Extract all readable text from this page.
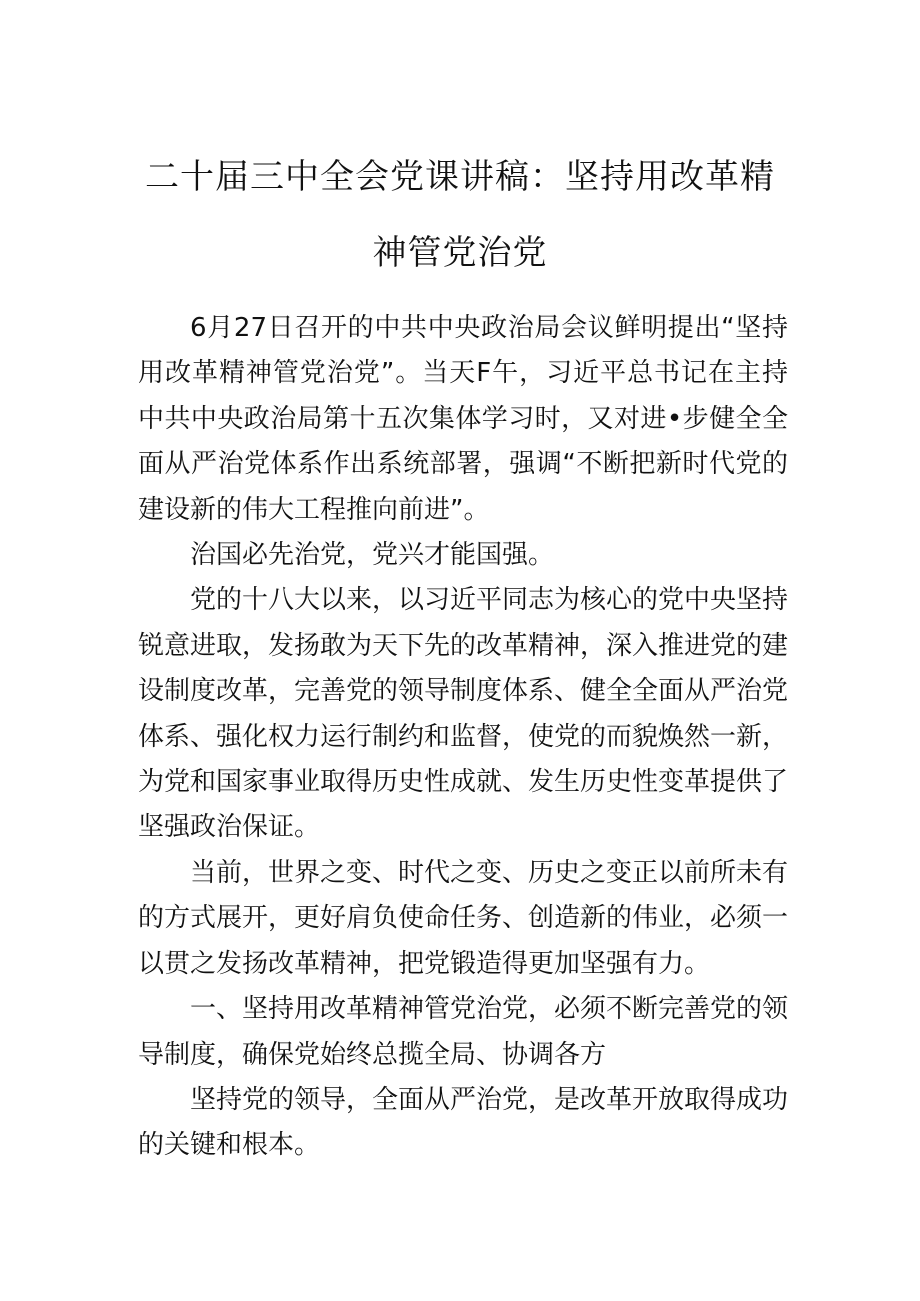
二十届三中全会党课讲稿：坚持用改革精
神管党治党

6月27日召开的中共中央政治局会议鲜明提出“坚持用改革精神管党治党”。当天F午，习近平总书记在主持中共中央政治局第十五次集体学习时，又对进•步健全全面从严治党体系作出系统部署，强调“不断把新时代党的建设新的伟大工程推向前进”。

治国必先治党，党兴才能国强。

党的十八大以来，以习近平同志为核心的党中央坚持锐意进取，发扬敢为天下先的改革精神，深入推进党的建设制度改革，完善党的领导制度体系、健全全面从严治党体系、强化权力运行制约和监督，使党的而貌焕然一新，为党和国家事业取得历史性成就、发生历史性变革提供了坚强政治保证。

当前，世界之变、时代之变、历史之变正以前所未有的方式展开，更好肩负使命任务、创造新的伟业，必须一以贯之发扬改革精神，把党锻造得更加坚强有力。

一、坚持用改革精神管党治党，必须不断完善党的领导制度，确保党始终总揽全局、协调各方

坚持党的领导，全面从严治党，是改革开放取得成功的关键和根本。
